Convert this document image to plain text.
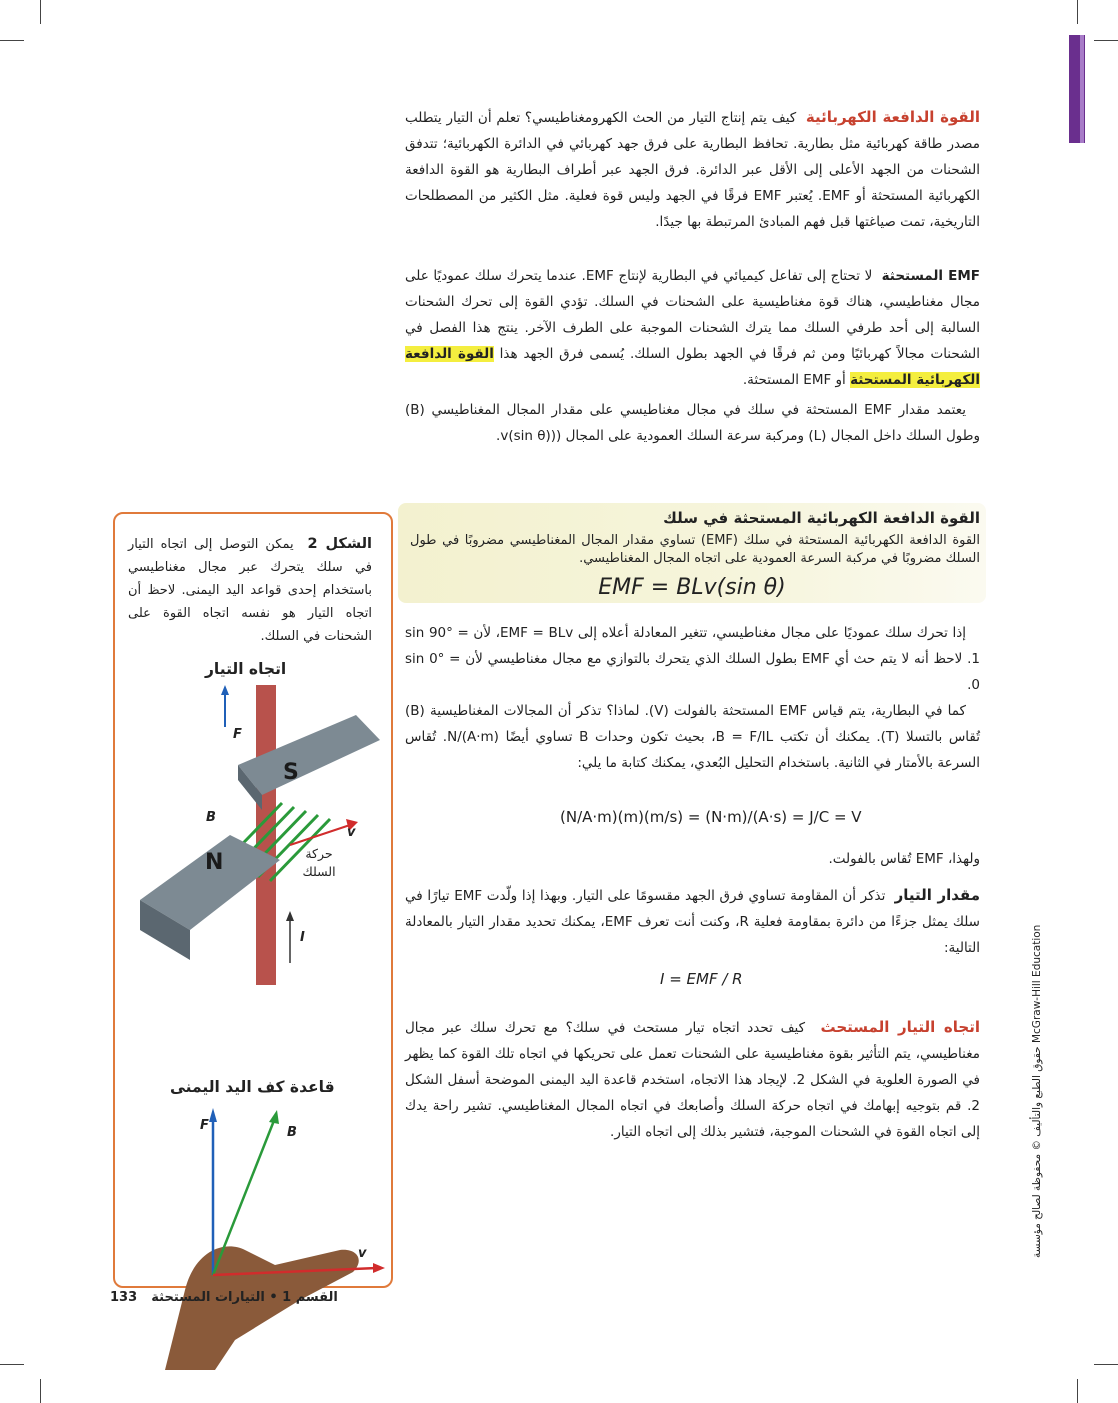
القوة الدافعة الكهربائية  كيف يتم إنتاج التيار من الحث الكهرومغناطيسي؟ تعلم أن التيار يتطلب مصدر طاقة كهربائية مثل بطارية. تحافظ البطارية على فرق جهد كهربائي في الدائرة الكهربائية؛ تتدفق الشحنات من الجهد الأعلى إلى الأقل عبر الدائرة. فرق الجهد عبر أطراف البطارية هو القوة الدافعة الكهربائية المستحثة أو EMF. يُعتبر EMF فرقًا في الجهد وليس قوة فعلية. مثل الكثير من المصطلحات التاريخية، تمت صياغتها قبل فهم المبادئ المرتبطة بها جيدًا.

EMF المستحثة  لا تحتاج إلى تفاعل كيميائي في البطارية لإنتاج EMF. عندما يتحرك سلك عموديًا على مجال مغناطيسي، هناك قوة مغناطيسية على الشحنات في السلك. تؤدي القوة إلى تحرك الشحنات السالبة إلى أحد طرفي السلك مما يترك الشحنات الموجبة على الطرف الآخر. ينتج هذا الفصل في الشحنات مجالاً كهربائيًا ومن ثم فرقًا في الجهد بطول السلك. يُسمى فرق الجهد هذا القوة الدافعة الكهربائية المستحثة أو EMF المستحثة.

يعتمد مقدار EMF المستحثة في سلك في مجال مغناطيسي على مقدار المجال المغناطيسي (B) وطول السلك داخل المجال (L) ومركبة سرعة السلك العمودية على المجال ((v(sin θ).

القوة الدافعة الكهربائية المستحثة في سلك
القوة الدافعة الكهربائية المستحثة في سلك (EMF) تساوي مقدار المجال المغناطيسي مضروبًا في طول السلك مضروبًا في مركبة السرعة العمودية على اتجاه المجال المغناطيسي.
EMF = BLv(sin θ)

إذا تحرك سلك عموديًا على مجال مغناطيسي، تتغير المعادلة أعلاه إلى EMF = BLv، لأن sin 90° = 1. لاحظ أنه لا يتم حث أي EMF بطول السلك الذي يتحرك بالتوازي مع مجال مغناطيسي لأن sin 0° = 0.

كما في البطارية، يتم قياس EMF المستحثة بالفولت (V). لماذا؟ تذكر أن المجالات المغناطيسية (B) تُقاس بالتسلا (T). يمكنك أن تكتب B = F/IL، بحيث تكون وحدات B تساوي أيضًا N/(A·m). تُقاس السرعة بالأمتار في الثانية. باستخدام التحليل البُعدي، يمكنك كتابة ما يلي:

(N/A·m)(m)(m/s) = (N·m)/(A·s) = J/C = V

ولهذا، EMF تُقاس بالفولت.

مقدار التيار  تذكر أن المقاومة تساوي فرق الجهد مقسومًا على التيار. وبهذا إذا ولّدت EMF تيارًا في سلك يمثل جزءًا من دائرة بمقاومة فعلية R، وكنت أنت تعرف EMF، يمكنك تحديد مقدار التيار بالمعادلة التالية:

I = EMF / R

اتجاه التيار المستحث  كيف تحدد اتجاه تيار مستحث في سلك؟ مع تحرك سلك عبر مجال مغناطيسي، يتم التأثير بقوة مغناطيسية على الشحنات تعمل على تحريكها في اتجاه تلك القوة كما يظهر في الصورة العلوية في الشكل 2. لإيجاد هذا الاتجاه، استخدم قاعدة اليد اليمنى الموضحة أسفل الشكل 2. قم بتوجيه إبهامك في اتجاه حركة السلك وأصابعك في اتجاه المجال المغناطيسي. تشير راحة يدك إلى اتجاه القوة في الشحنات الموجبة، فتشير بذلك إلى اتجاه التيار.

الشكل 2  يمكن التوصل إلى اتجاه التيار في سلك يتحرك عبر مجال مغناطيسي باستخدام إحدى قواعد اليد اليمنى. لاحظ أن اتجاه التيار هو نفسه اتجاه القوة على الشحنات في السلك.
اتجاه التيار
F
B
v
I
S
N	حركة السلك
قاعدة كف اليد اليمنى
F	B
v
القسم 1 • التيارات المستحثة 133
حقوق الطبع والتأليف © محفوظة لصالح مؤسسة McGraw-Hill Education
